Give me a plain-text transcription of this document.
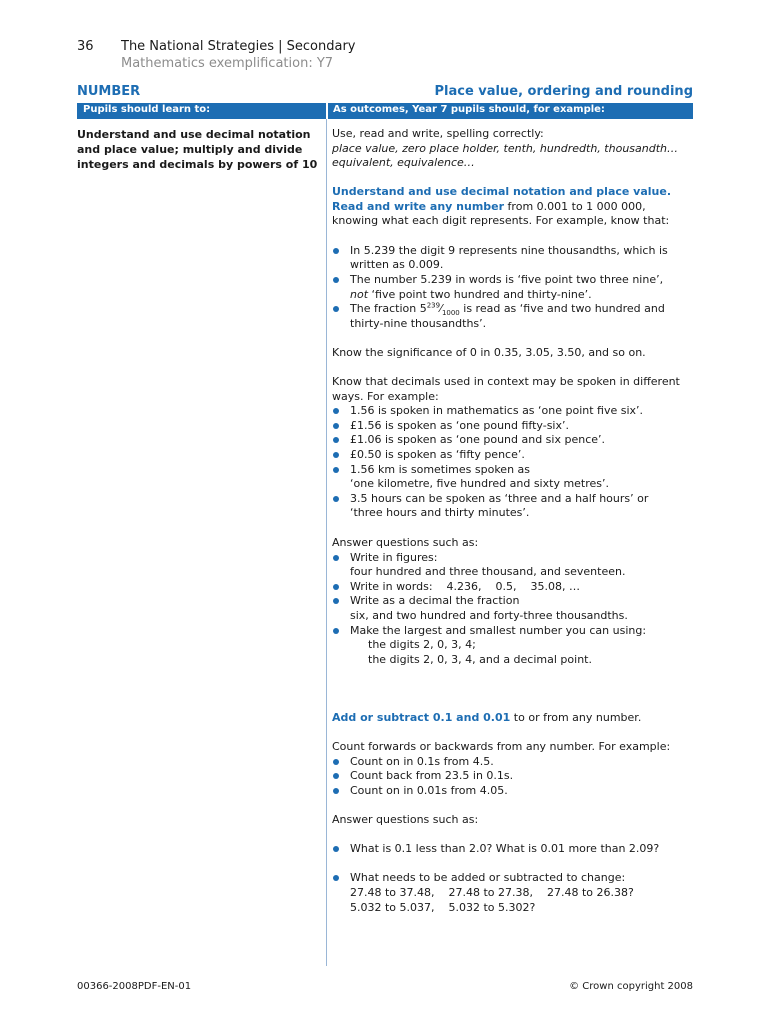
36 The National Strategies | Secondary
Mathematics exemplification: Y7
NUMBER	Place value, ordering and rounding
Pupils should learn to:	As outcomes, Year 7 pupils should, for example:
Understand and use decimal notation and place value; multiply and divide integers and decimals by powers of 10
Use, read and write, spelling correctly:
place value, zero place holder, tenth, hundredth, thousandth…
equivalent, equivalence…
Understand and use decimal notation and place value. Read and write any number from 0.001 to 1 000 000, knowing what each digit represents. For example, know that:
In 5.239 the digit 9 represents nine thousandths, which is written as 0.009.
The number 5.239 in words is ‘five point two three nine’,
not ‘five point two hundred and thirty-nine’.
The fraction $5^{239}⁄_{1000}$ is read as ‘five and two hundred and thirty-nine thousandths’.
Know the significance of 0 in 0.35, 3.05, 3.50, and so on.
Know that decimals used in context may be spoken in different ways. For example:
1.56 is spoken in mathematics as ‘one point five six’.
£1.56 is spoken as ‘one pound fifty-six’.
£1.06 is spoken as ‘one pound and six pence’.
£0.50 is spoken as ‘fifty pence’.
1.56 km is sometimes spoken as
‘one kilometre, five hundred and sixty metres’.
3.5 hours can be spoken as ‘three and a half hours’ or
‘three hours and thirty minutes’.
Answer questions such as:
Write in figures:
four hundred and three thousand, and seventeen.
Write in words:    4.236,    0.5,    35.08, …
Write as a decimal the fraction
six, and two hundred and forty-three thousandths.
Make the largest and smallest number you can using:
the digits 2, 0, 3, 4;
the digits 2, 0, 3, 4, and a decimal point.
Add or subtract 0.1 and 0.01 to or from any number.
Count forwards or backwards from any number. For example:
Count on in 0.1s from 4.5.
Count back from 23.5 in 0.1s.
Count on in 0.01s from 4.05.
Answer questions such as:
What is 0.1 less than 2.0? What is 0.01 more than 2.09?
What needs to be added or subtracted to change:
27.48 to 37.48,    27.48 to 27.38,    27.48 to 26.38?
5.032 to 5.037,    5.032 to 5.302?
00366-2008PDF-EN-01	© Crown copyright 2008
